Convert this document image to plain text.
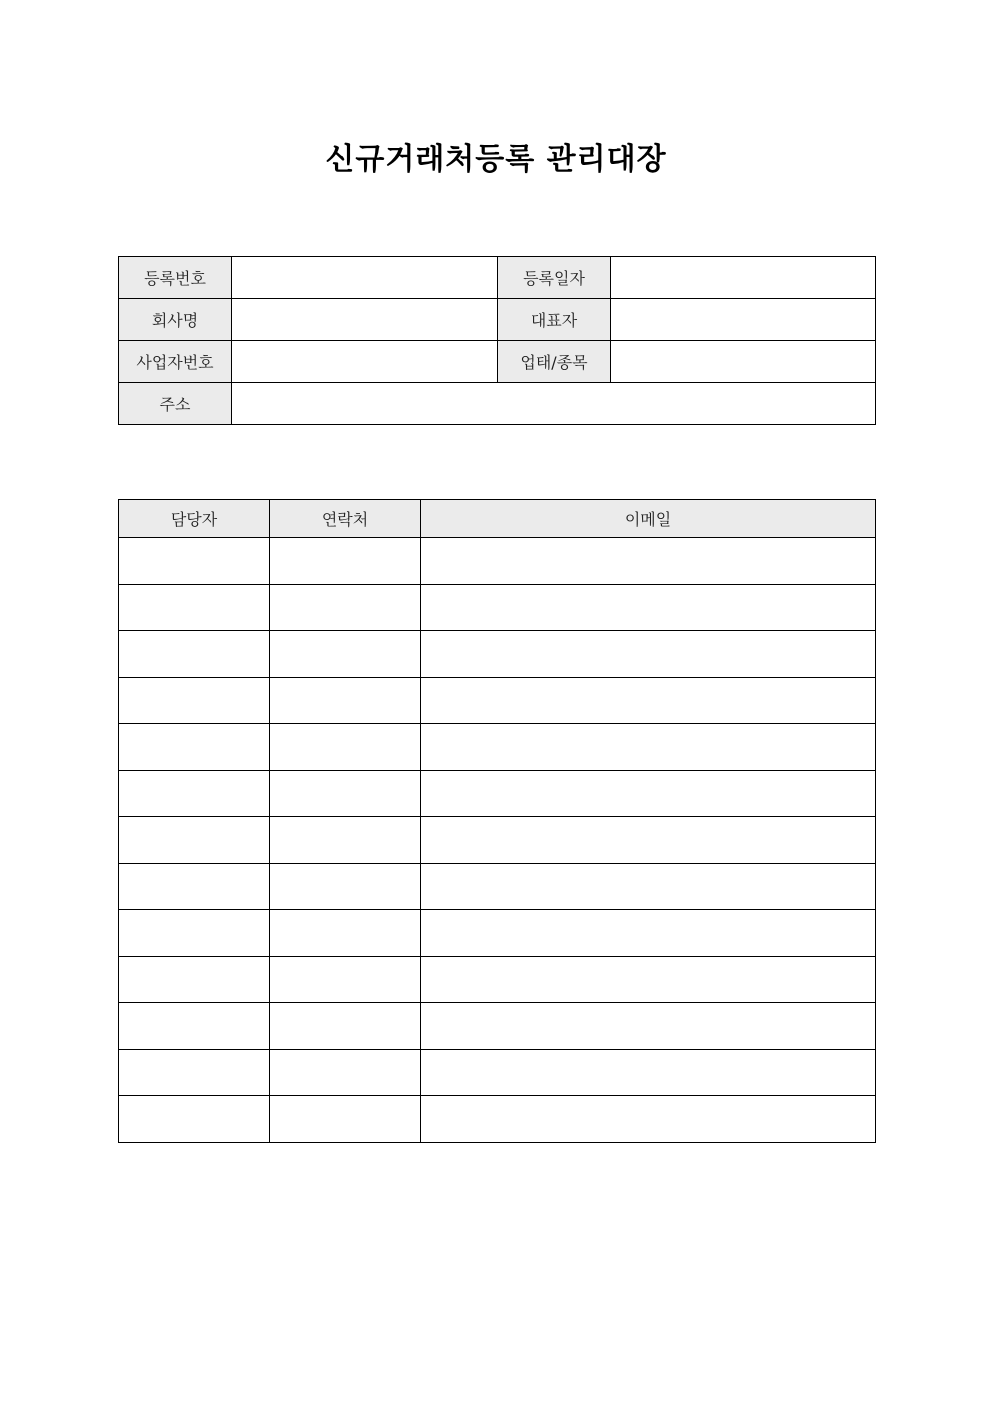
신규거래처등록 관리대장
등록번호		등록일자	
회사명		대표자	
사업자번호		업태/종목	
주소			
담당자	연락처	이메일
